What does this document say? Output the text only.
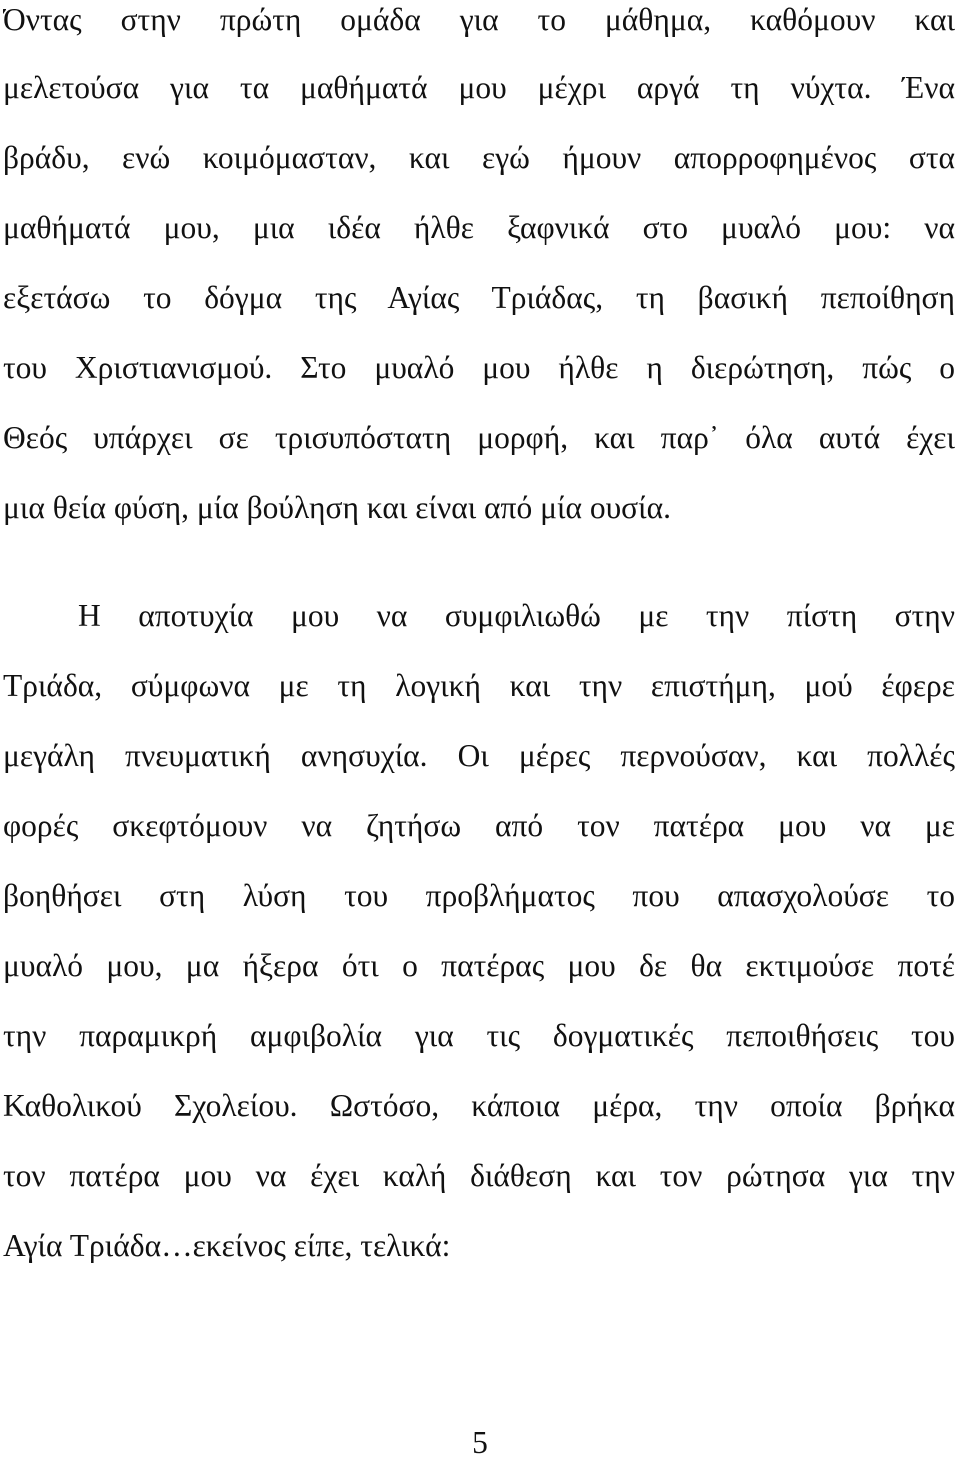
Όντας στην πρώτη ομάδα για το μάθημα, καθόμουν και
μελετούσα για τα μαθήματά μου μέχρι αργά τη νύχτα. Ένα
βράδυ, ενώ κοιμόμασταν, και εγώ ήμουν απορροφημένος στα
μαθήματά μου, μια ιδέα ήλθε ξαφνικά στο μυαλό μου: να
εξετάσω το δόγμα της Αγίας Τριάδας, τη βασική πεποίθηση
του Χριστιανισμού. Στο μυαλό μου ήλθε η διερώτηση, πώς ο
Θεός υπάρχει σε τρισυπόστατη μορφή, και παρ᾽ όλα αυτά έχει
μια θεία φύση, μία βούληση και είναι από μία ουσία.
Η αποτυχία μου να συμφιλιωθώ με την πίστη στην
Τριάδα, σύμφωνα με τη λογική και την επιστήμη, μού έφερε
μεγάλη πνευματική ανησυχία. Οι μέρες περνούσαν, και πολλές
φορές σκεφτόμουν να ζητήσω από τον πατέρα μου να με
βοηθήσει στη λύση του προβλήματος που απασχολούσε το
μυαλό μου, μα ήξερα ότι ο πατέρας μου δε θα εκτιμούσε ποτέ
την παραμικρή αμφιβολία για τις δογματικές πεποιθήσεις του
Καθολικού Σχολείου. Ωστόσο, κάποια μέρα, την οποία βρήκα
τον πατέρα μου να έχει καλή διάθεση και τον ρώτησα για την
Αγία Τριάδα…εκείνος είπε, τελικά:
5
